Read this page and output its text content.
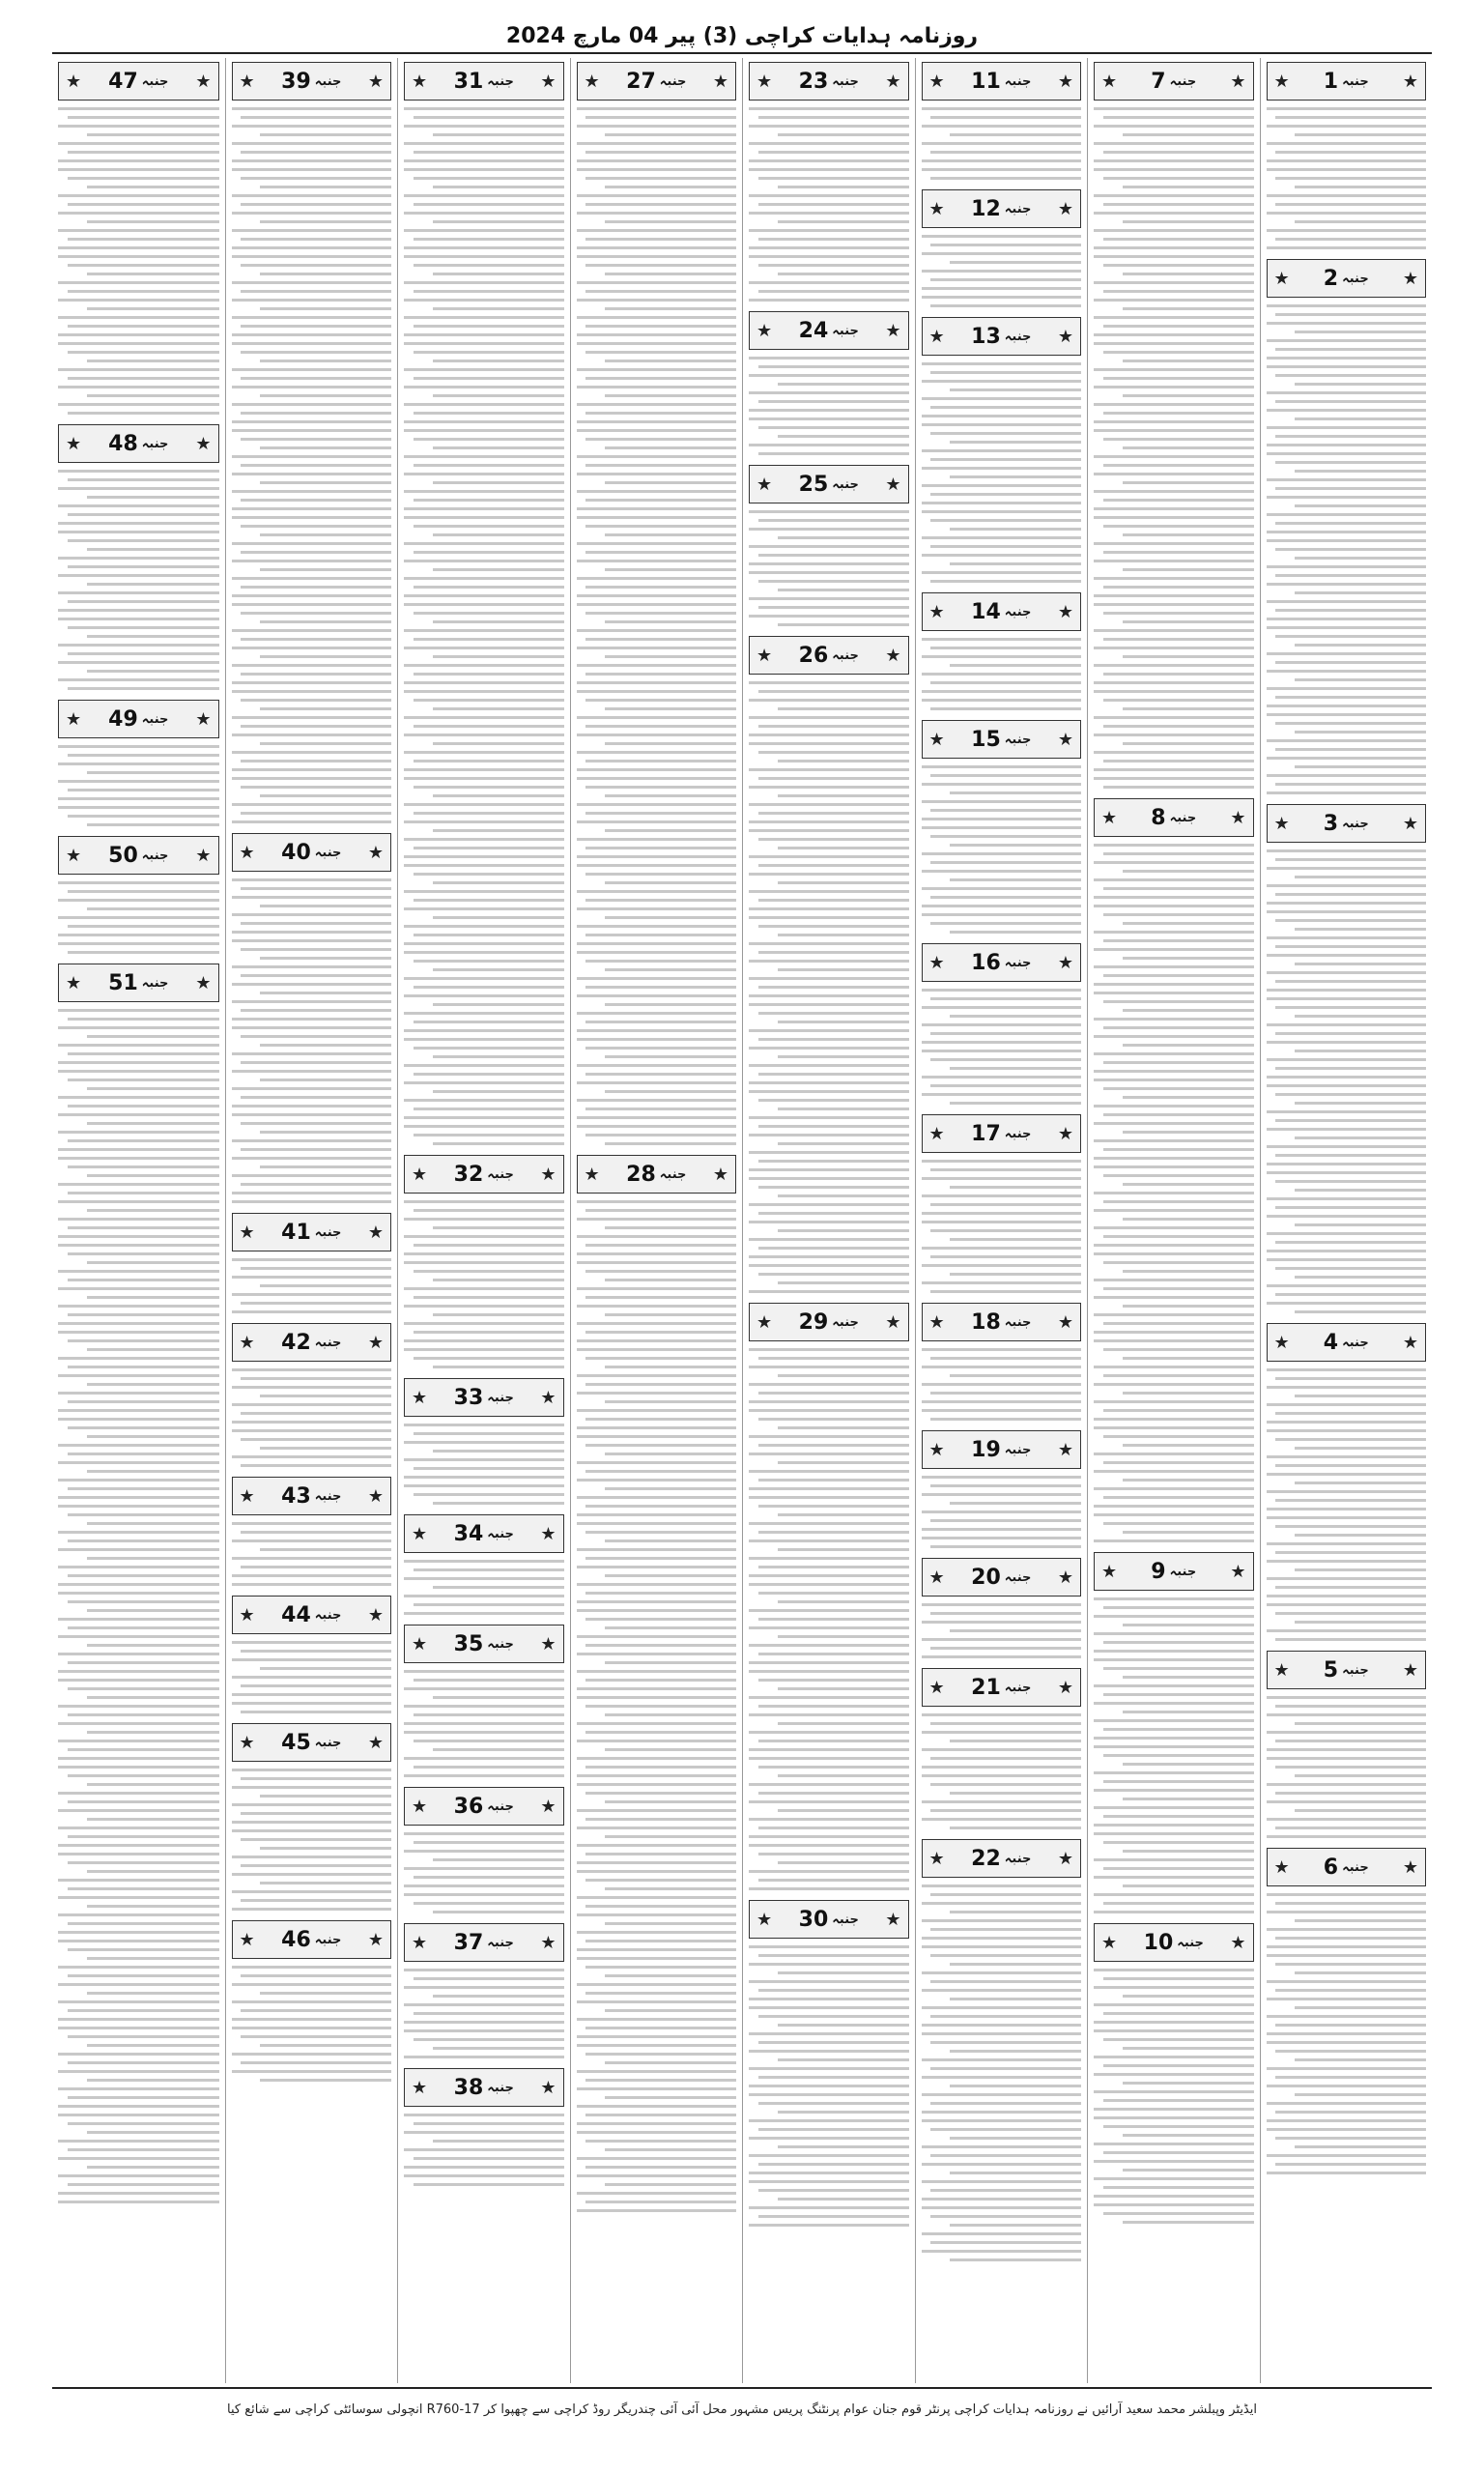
روزنامہ ہدایات کراچی (3) پیر 04 مارچ 2024
★
جنبہ
1
★
★
جنبہ
2
★
★
جنبہ
3
★
★
جنبہ
4
★
★
جنبہ
5
★
★
جنبہ
6
★
★
جنبہ
7
★
★
جنبہ
8
★
★
جنبہ
9
★
★
جنبہ
10
★
★
جنبہ
11
★
★
جنبہ
12
★
★
جنبہ
13
★
★
جنبہ
14
★
★
جنبہ
15
★
★
جنبہ
16
★
★
جنبہ
17
★
★
جنبہ
18
★
★
جنبہ
19
★
★
جنبہ
20
★
★
جنبہ
21
★
★
جنبہ
22
★
★
جنبہ
23
★
★
جنبہ
24
★
★
جنبہ
25
★
★
جنبہ
26
★
★
جنبہ
29
★
★
جنبہ
30
★
★
جنبہ
27
★
★
جنبہ
28
★
★
جنبہ
31
★
★
جنبہ
32
★
★
جنبہ
33
★
★
جنبہ
34
★
★
جنبہ
35
★
★
جنبہ
36
★
★
جنبہ
37
★
★
جنبہ
38
★
★
جنبہ
39
★
★
جنبہ
40
★
★
جنبہ
41
★
★
جنبہ
42
★
★
جنبہ
43
★
★
جنبہ
44
★
★
جنبہ
45
★
★
جنبہ
46
★
★
جنبہ
47
★
★
جنبہ
48
★
★
جنبہ
49
★
★
جنبہ
50
★
★
جنبہ
51
★
ایڈیٹر وپبلشر محمد سعید آرائیں نے روزنامہ ہدایات کراچی پرنٹر قوم جنان عوام پرنٹنگ پریس مشہور محل آئی آئی چندریگر روڈ کراچی سے چھپوا کر R760-17 انچولی سوسائٹی کراچی سے شائع کیا
